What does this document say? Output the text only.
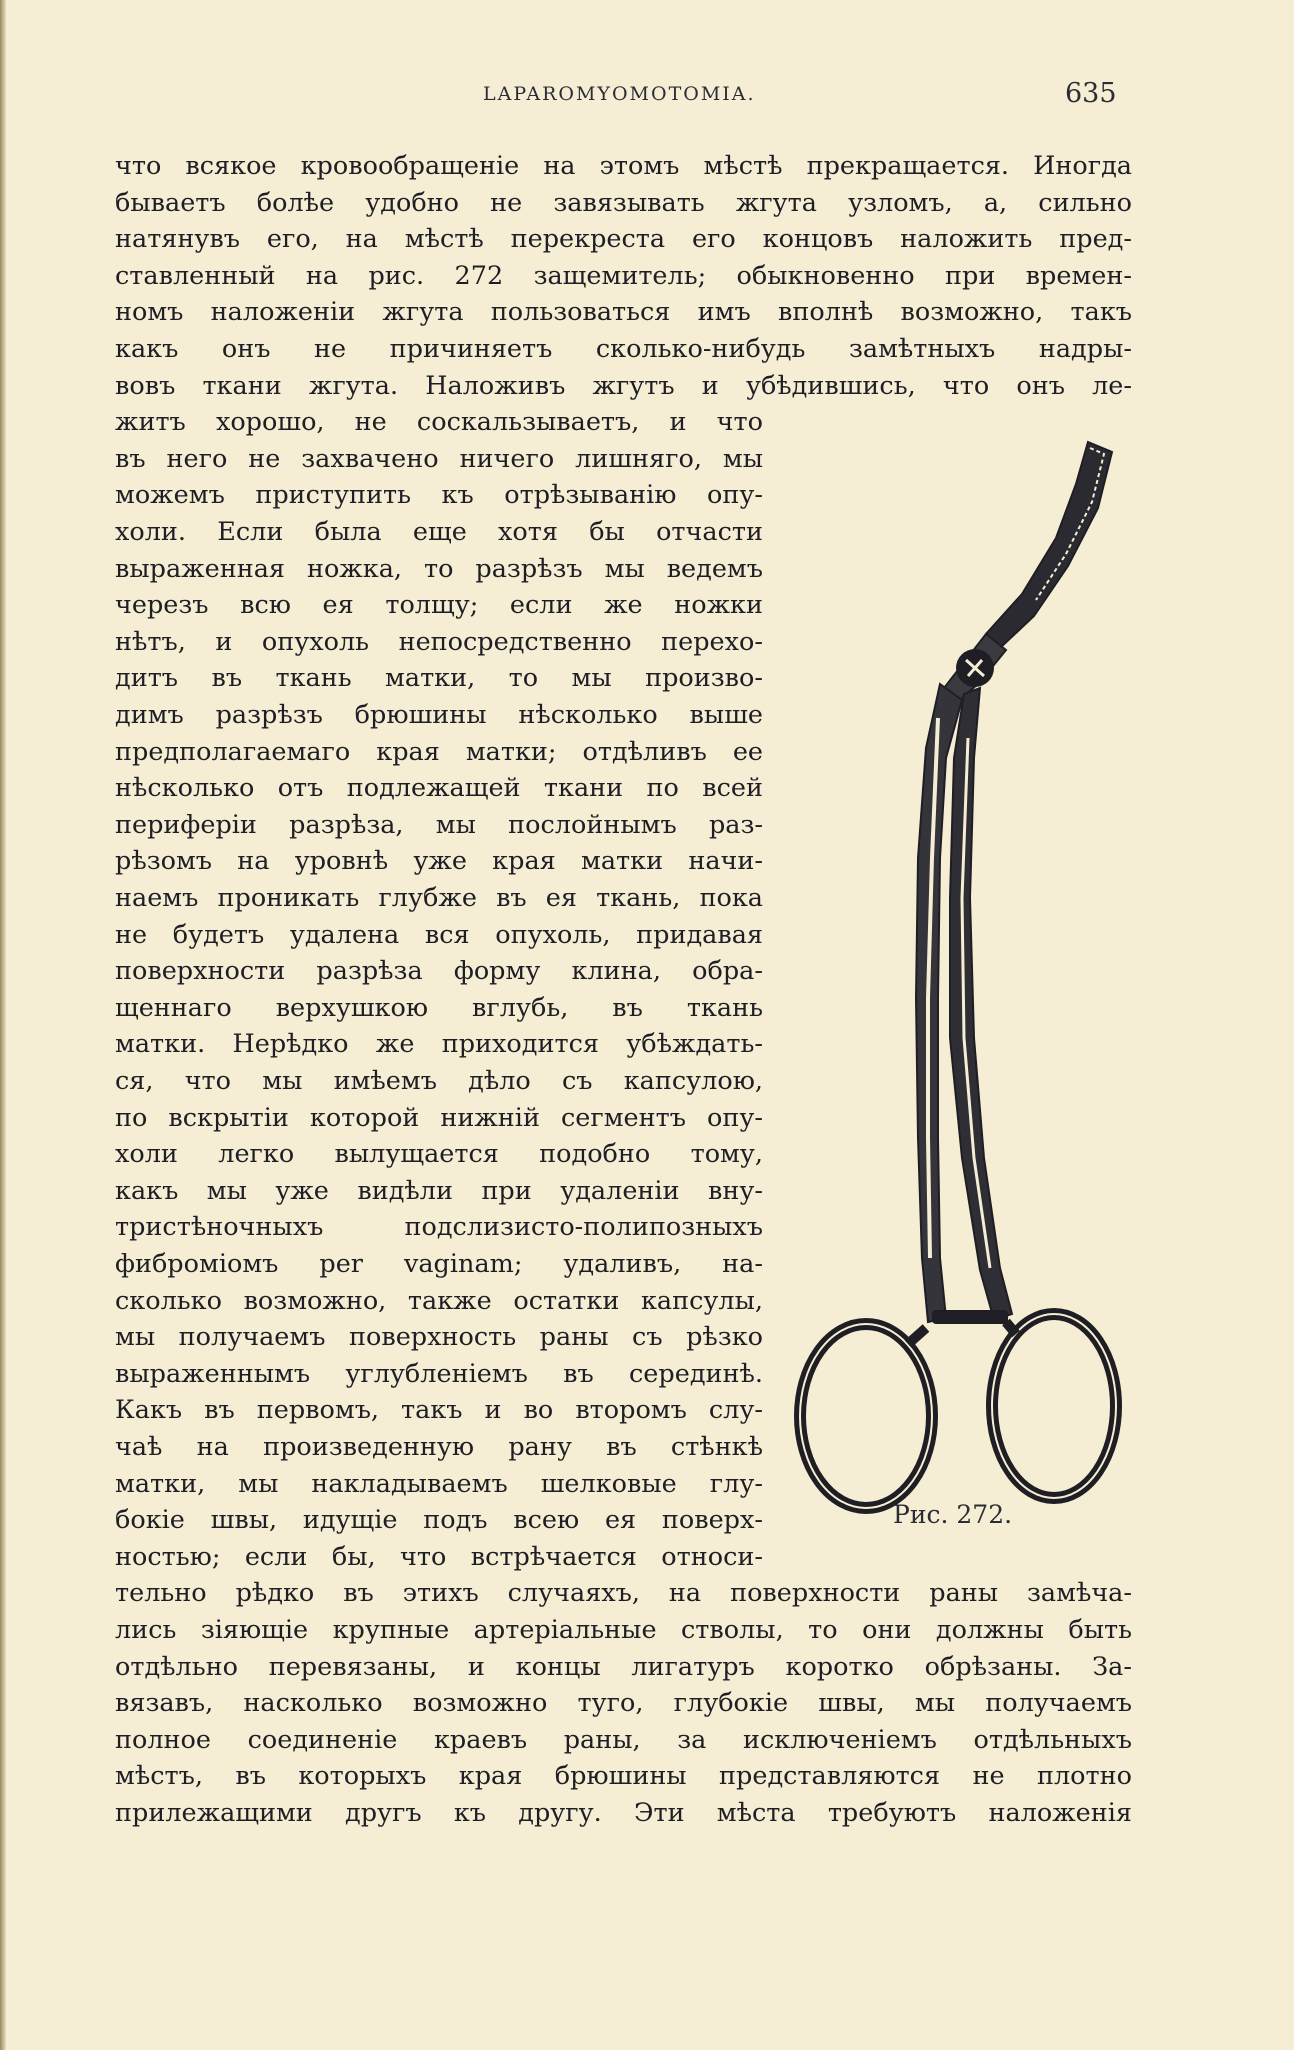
LAPAROMYOMOTOMIA.	635
что всякое кровообращеніе на этомъ мѣстѣ прекращается. Иногда
бываетъ болѣе удобно не завязывать жгута узломъ, а, сильно
натянувъ его, на мѣстѣ перекреста его концовъ наложить пред-
ставленный на рис. 272 защемитель; обыкновенно при времен-
номъ наложеніи жгута пользоваться имъ вполнѣ возможно, такъ
какъ онъ не причиняетъ сколько-нибудь замѣтныхъ надры-
вовъ ткани жгута. Наложивъ жгутъ и убѣдившись, что онъ ле-
житъ хорошо, не соскальзываетъ, и что
въ него не захвачено ничего лишняго, мы
можемъ приступить къ отрѣзыванію опу-
холи. Если была еще хотя бы отчасти
выраженная ножка, то разрѣзъ мы ведемъ
черезъ всю ея толщу; если же ножки
нѣтъ, и опухоль непосредственно перехо-
дитъ въ ткань матки, то мы произво-
димъ разрѣзъ брюшины нѣсколько выше
предполагаемаго края матки; отдѣливъ ее
нѣсколько отъ подлежащей ткани по всей
периферіи разрѣза, мы послойнымъ раз-
рѣзомъ на уровнѣ уже края матки начи-
наемъ проникать глубже въ ея ткань, пока
не будетъ удалена вся опухоль, придавая
поверхности разрѣза форму клина, обра-
щеннаго верхушкою вглубь, въ ткань
матки. Нерѣдко же приходится убѣждать-
ся, что мы имѣемъ дѣло съ капсулою,
по вскрытіи которой нижній сегментъ опу-
холи легко вылущается подобно тому,
какъ мы уже видѣли при удаленіи вну-
тристѣночныхъ подслизисто-полипозныхъ
фиброміомъ per vaginam; удаливъ, на-
сколько возможно, также остатки капсулы,
мы получаемъ поверхность раны съ рѣзко
выраженнымъ углубленіемъ въ серединѣ.
Какъ въ первомъ, такъ и во второмъ слу-
чаѣ на произведенную рану въ стѣнкѣ
матки, мы накладываемъ шелковые глу-
бокіе швы, идущіе подъ всею ея поверх-
ностью; если бы, что встрѣчается относи-
тельно рѣдко въ этихъ случаяхъ, на поверхности раны замѣча-
лись зіяющіе крупные артеріальные стволы, то они должны быть
отдѣльно перевязаны, и концы лигатуръ коротко обрѣзаны. За-
вязавъ, насколько возможно туго, глубокіе швы, мы получаемъ
полное соединеніе краевъ раны, за исключеніемъ отдѣльныхъ
мѣстъ, въ которыхъ края брюшины представляются не плотно
прилежащими другъ къ другу. Эти мѣста требуютъ наложенія
Рис. 272.
